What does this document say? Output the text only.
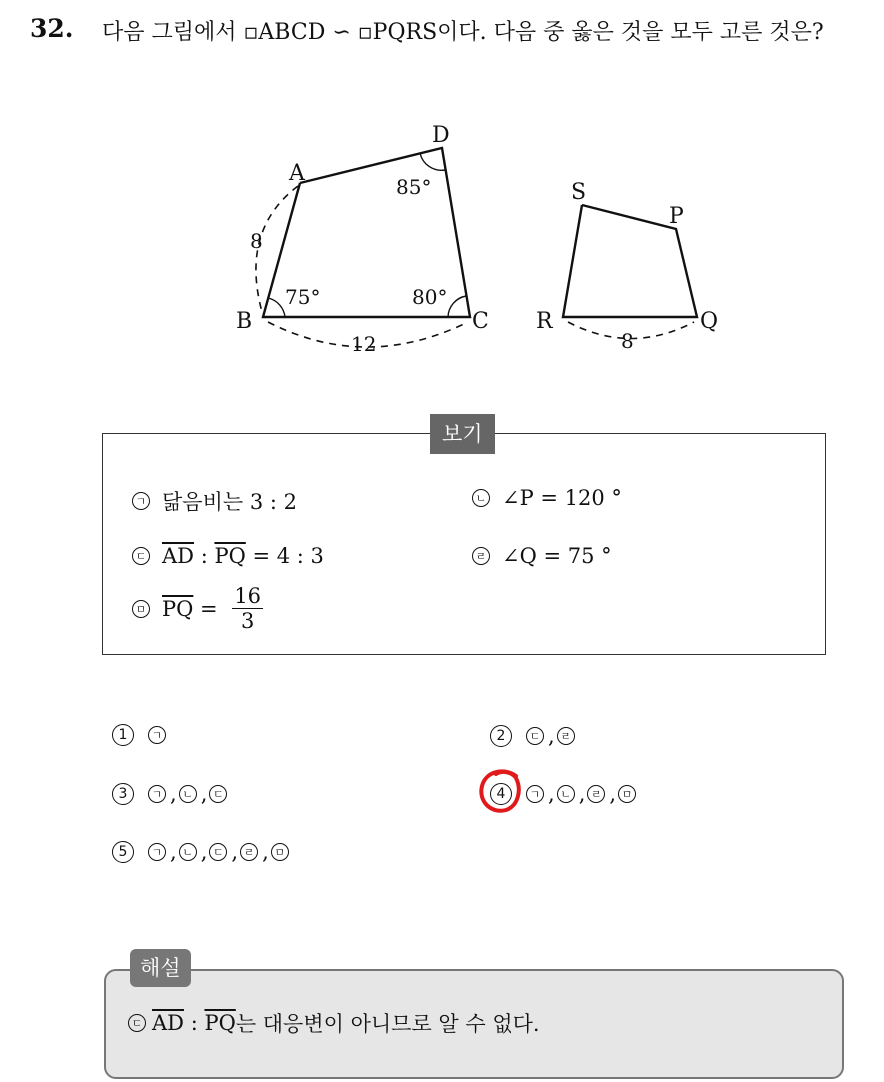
32. 다음 그림에서 ▫ABCD ∽ ▫PQRS이다. 다음 중 옳은 것을 모두 고른 것은?
A
B	C
D
75°	80°
85°
8
12
P
Q
R
S
8
보기
ㄱ 닮음비는 3 : 2	ㄴ ∠P = 120 °
ㄷ $\overline{AD}$ : $\overline{PQ} = 4$ : 3	ㄹ ∠Q = 75 °
ㅁ $\overline{PQ} = \frac{16}{3}$
1	ㄱ	2	ㄷ , ㄹ
3	ㄱ , ㄴ , ㄷ	4	ㄱ , ㄴ , ㄹ , ㅁ
5	ㄱ , ㄴ , ㄷ , ㄹ , ㅁ
해설
ㄷ $\overline{AD}$ : $\overline{PQ}$ 는 대응변이 아니므로 알 수 없다.
